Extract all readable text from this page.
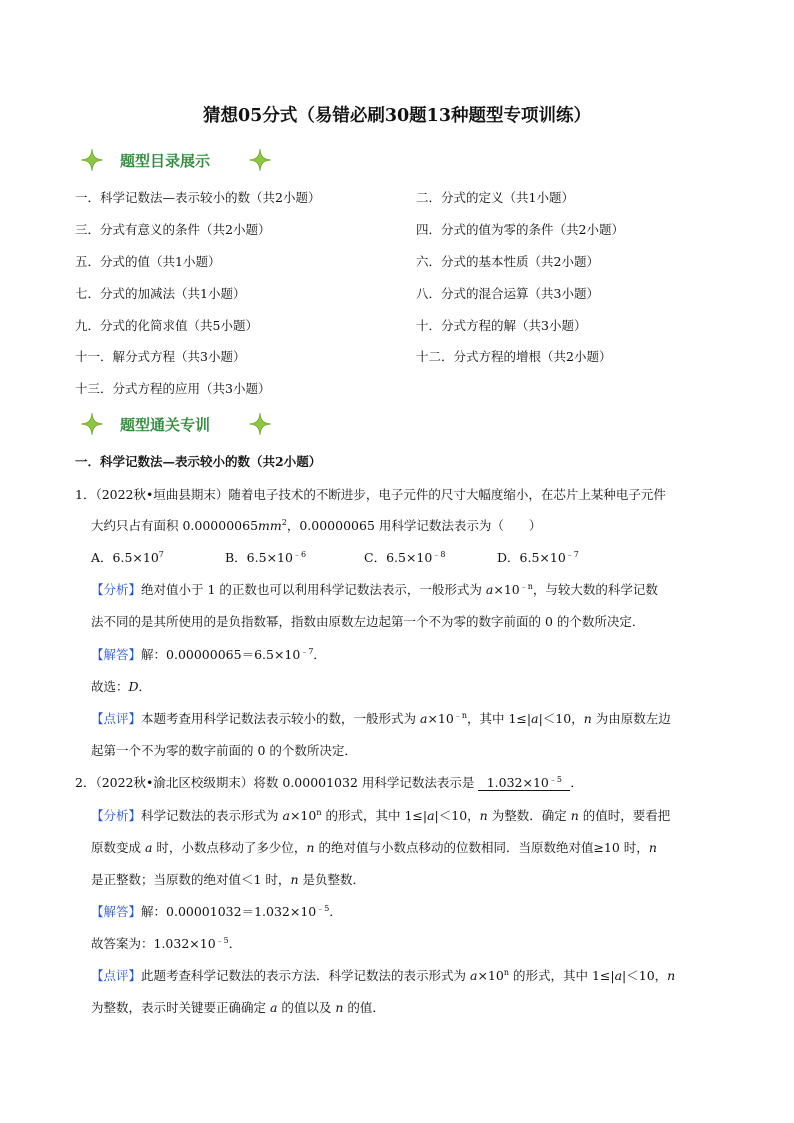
猜想05分式（易错必刷30题13种题型专项训练）
题型目录展示
一．科学记数法—表示较小的数（共2小题）	二．分式的定义（共1小题）
三．分式有意义的条件（共2小题）	四．分式的值为零的条件（共2小题）
五．分式的值（共1小题）	六．分式的基本性质（共2小题）
七．分式的加减法（共1小题）	八．分式的混合运算（共3小题）
九．分式的化简求值（共5小题）	十．分式方程的解（共3小题）
十一．解分式方程（共3小题）	十二．分式方程的增根（共2小题）
十三．分式方程的应用（共3小题）
题型通关专训
一．科学记数法—表示较小的数（共2小题）
1．（2022秋•垣曲县期末）随着电子技术的不断进步，电子元件的尺寸大幅度缩小，在芯片上某种电子元件
大约只占有面积 $0.00000065mm^2$，0.00000065 用科学记数法表示为（　　）
A．$6.5\times 10^7$	B．$6.5\times 10^{﹣6}$	C．$6.5\times 10^{﹣8}$	D．$6.5\times 10^{﹣7}$
【分析】绝对值小于 1 的正数也可以利用科学记数法表示，一般形式为 $a\times 10^{﹣n}$，与较大数的科学记数
法不同的是其所使用的是负指数幂，指数由原数左边起第一个不为零的数字前面的 0 的个数所决定．
【解答】解：$0.00000065=6.5\times 10^{﹣7}$．
故选：D．
【点评】本题考查用科学记数法表示较小的数，一般形式为 $a\times 10^{﹣n}$，其中 1≤|a|＜10，n 为由原数左边
起第一个不为零的数字前面的 0 的个数所决定．
2．（2022秋•渝北区校级期末）将数 0.00001032 用科学记数法表示是 $1.032\times 10^{﹣5}$ ．
【分析】科学记数法的表示形式为 $a\times 10^n$ 的形式，其中 1≤|a|＜10，n 为整数．确定 n 的值时，要看把
原数变成 a 时，小数点移动了多少位，n 的绝对值与小数点移动的位数相同．当原数绝对值≥10 时，n
是正整数；当原数的绝对值＜1 时，n 是负整数．
【解答】解：$0.00001032=1.032\times 10^{﹣5}$．
故答案为：$1.032\times 10^{﹣5}$．
【点评】此题考查科学记数法的表示方法．科学记数法的表示形式为 $a\times 10^n$ 的形式，其中 1≤|a|＜10，n
为整数，表示时关键要正确确定 a 的值以及 n 的值．
